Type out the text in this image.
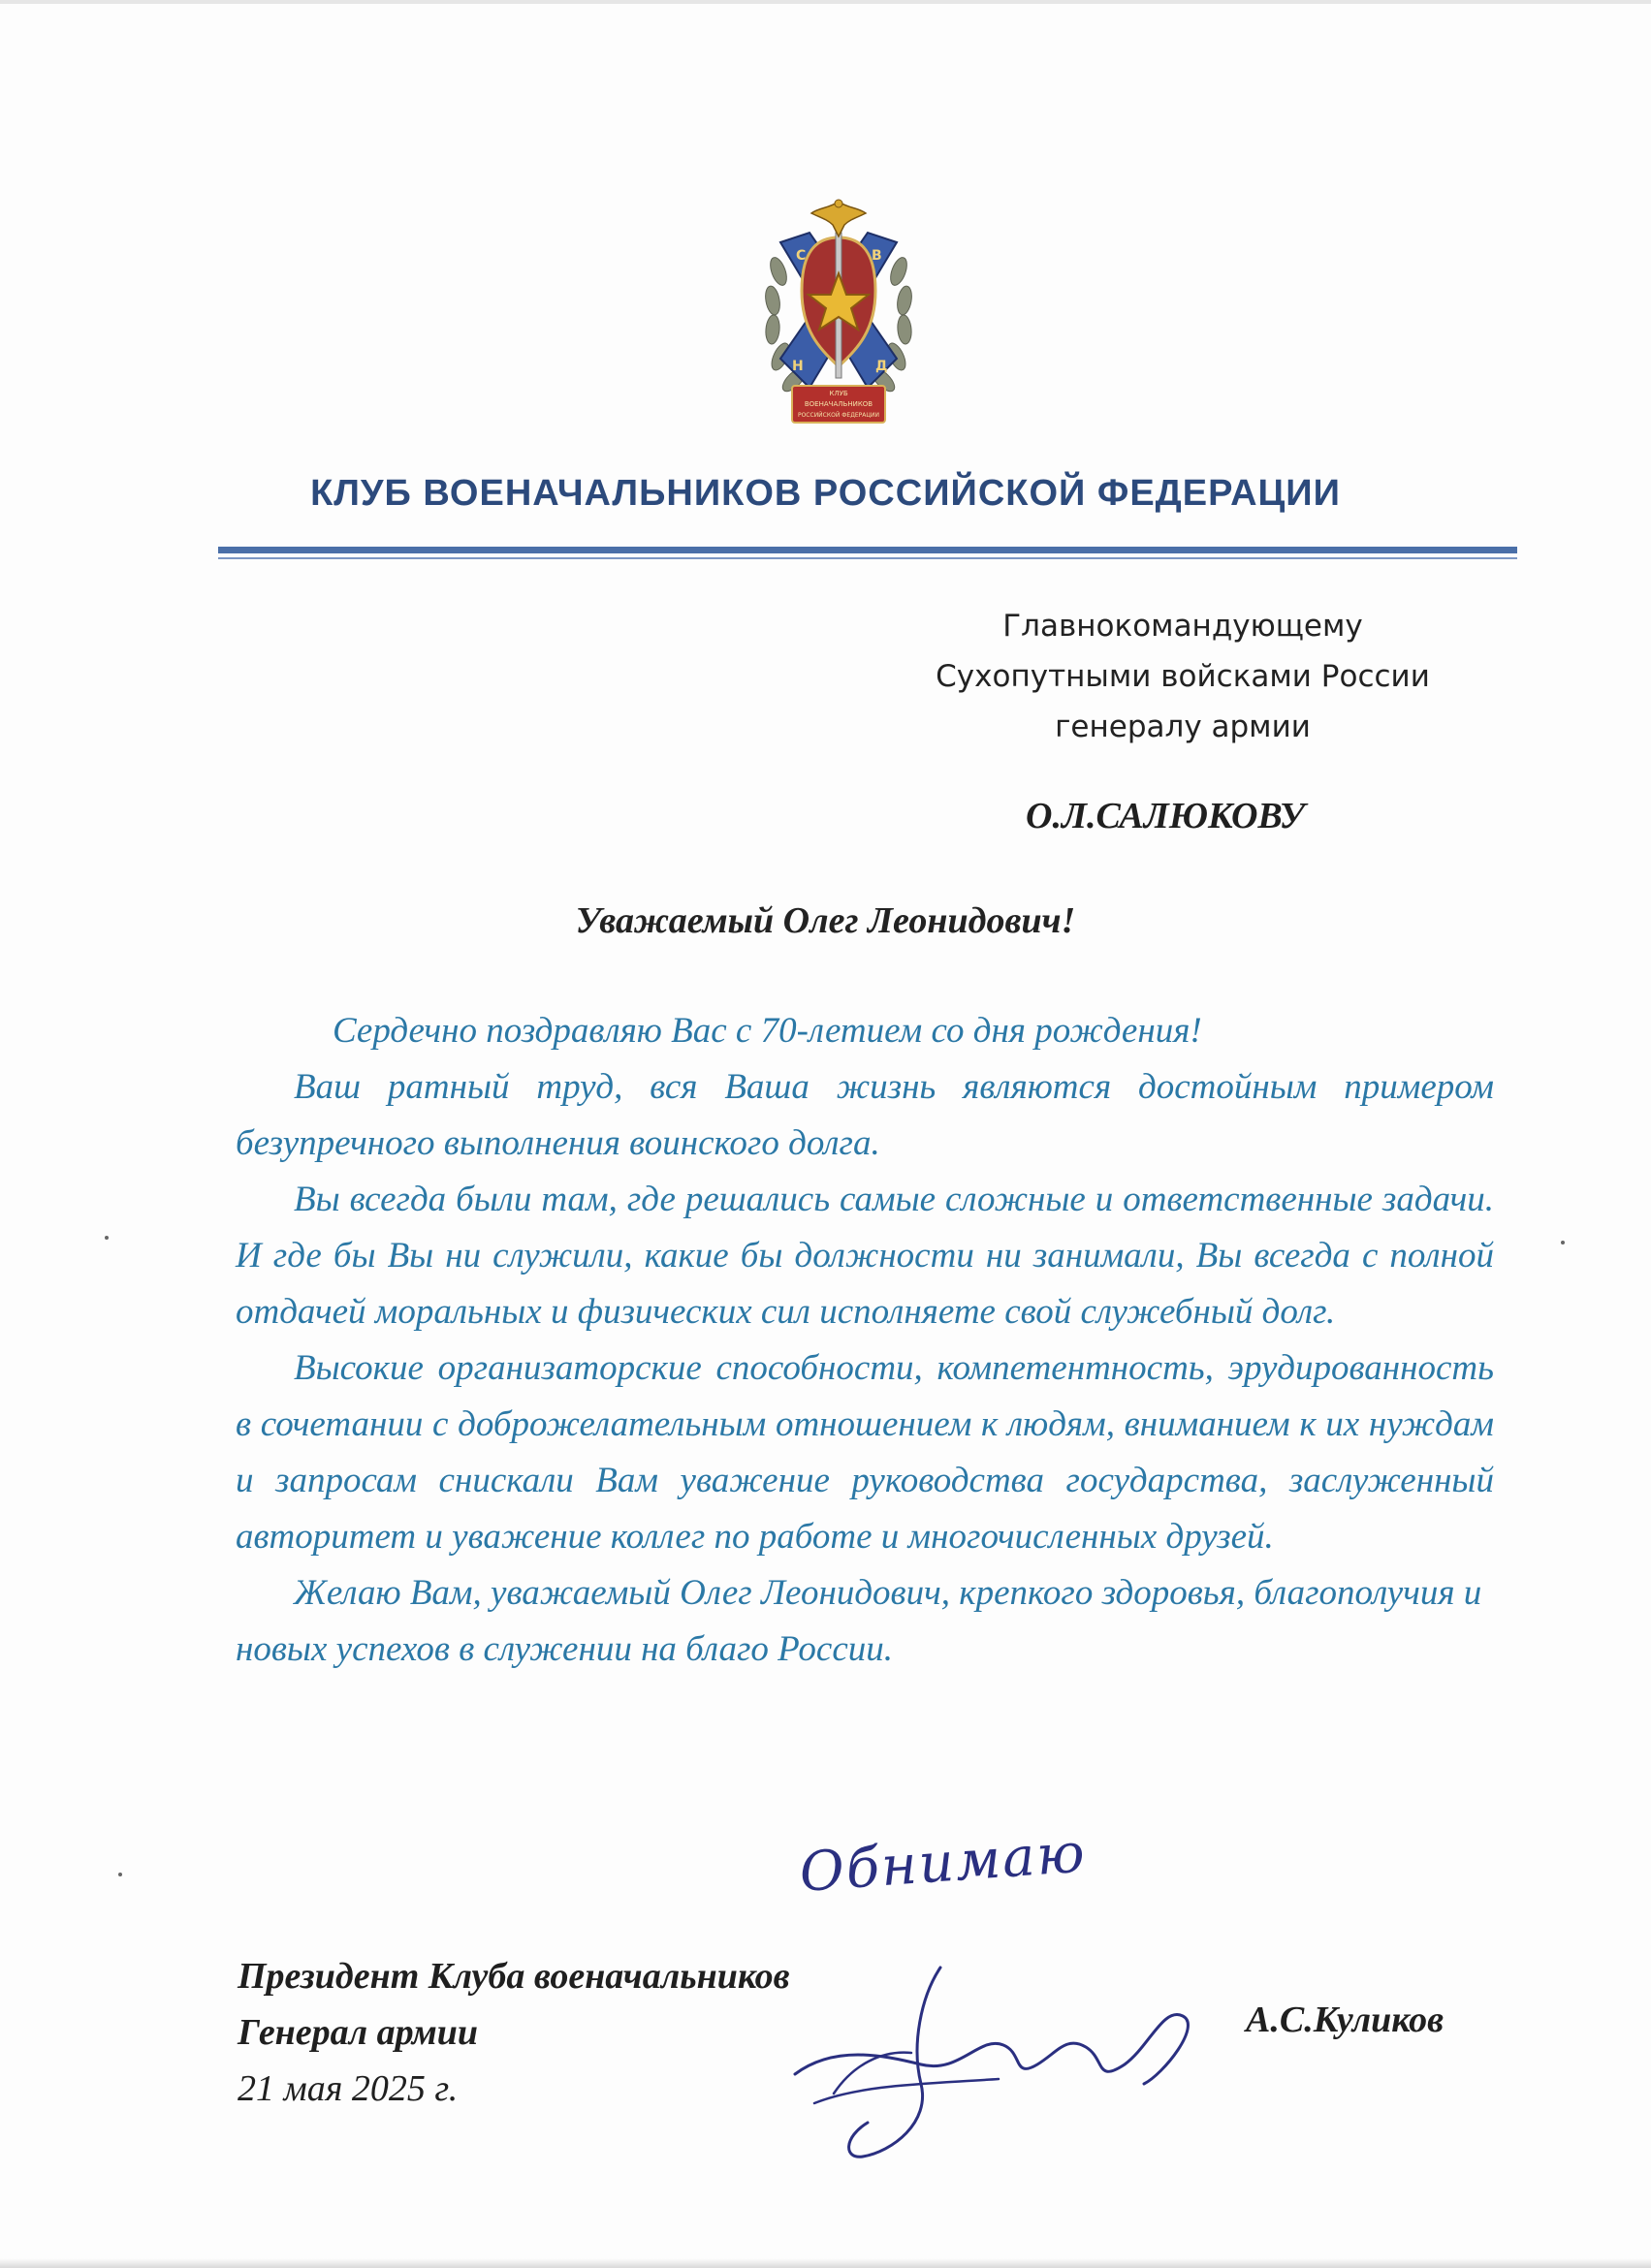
С	В
Н	Д
КЛУБ
ВОЕНАЧАЛЬНИКОВ
РОССИЙСКОЙ ФЕДЕРАЦИИ
КЛУБ ВОЕНАЧАЛЬНИКОВ РОССИЙСКОЙ ФЕДЕРАЦИИ
Главнокомандующему
Сухопутными войсками России
генералу армии
О.Л.САЛЮКОВУ
Уважаемый Олег Леонидович!

Сердечно поздравляю Вас с 70-летием со дня рождения!

Ваш ратный труд, вся Ваша жизнь являются достойным примером безупречного выполнения воинского долга.

Вы всегда были там, где решались самые сложные и ответственные задачи. И где бы Вы ни служили, какие бы должности ни занимали, Вы всегда с полной отдачей моральных и физических сил исполняете свой служебный долг.

Высокие организаторские способности, компетентность, эрудированность в сочетании с доброжелательным отношением к людям, вниманием к их нуждам и запросам снискали Вам уважение руководства государства, заслуженный авторитет и уважение коллег по работе и многочисленных друзей.

Желаю Вам, уважаемый Олег Леонидович, крепкого здоровья, благополучия и новых успехов в служении на благо России.

Обнимаю
Президент Клуба военачальников
Генерал армии
21 мая 2025 г.
А.С.Куликов
